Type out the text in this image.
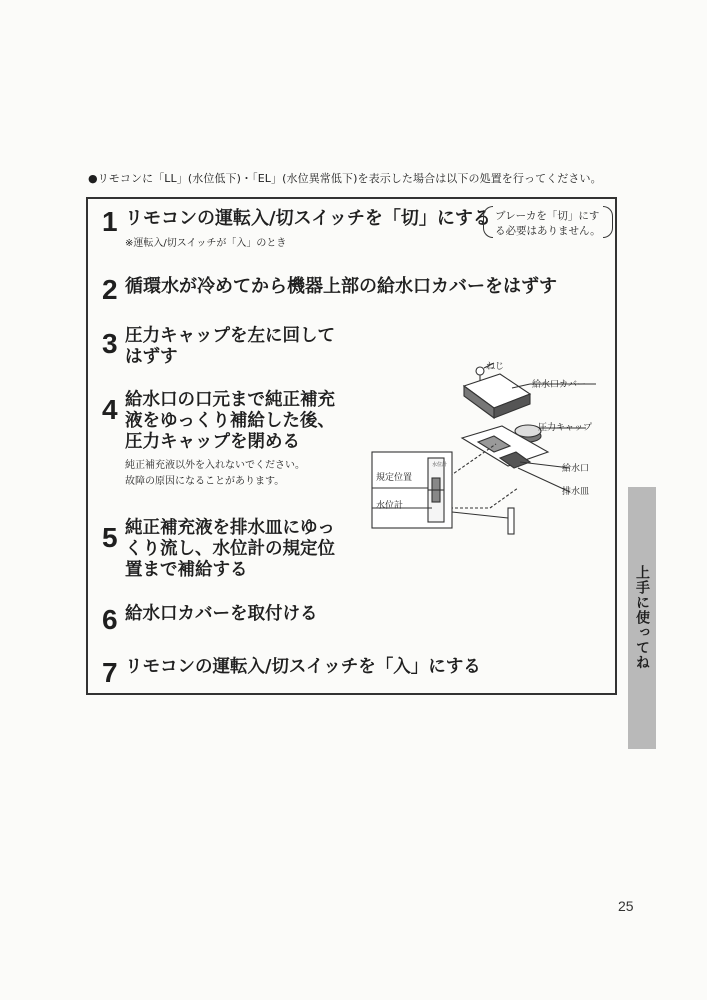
●リモコンに「LL」(水位低下)・「EL」(水位異常低下)を表示した場合は以下の処置を行ってください。
1 リモコンの運転入/切スイッチを「切」にする
※運転入/切スイッチが「入」のとき
ブレーカを「切」にす
る必要はありません。
2 循環水が冷めてから機器上部の給水口カバーをはずす
3 圧力キャップを左に回して
はずす
4 給水口の口元まで純正補充
液をゆっくり補給した後、
圧力キャップを閉める
純正補充液以外を入れないでください。
故障の原因になることがあります。
5 純正補充液を排水皿にゆっ
くり流し、水位計の規定位
置まで補給する
6 給水口カバーを取付ける
7 リモコンの運転入/切スイッチを「入」にする
水位計
ねじ
給水口カバー
圧力キャップ
給水口
排水皿
規定位置
水位計
上手に使ってね
25
